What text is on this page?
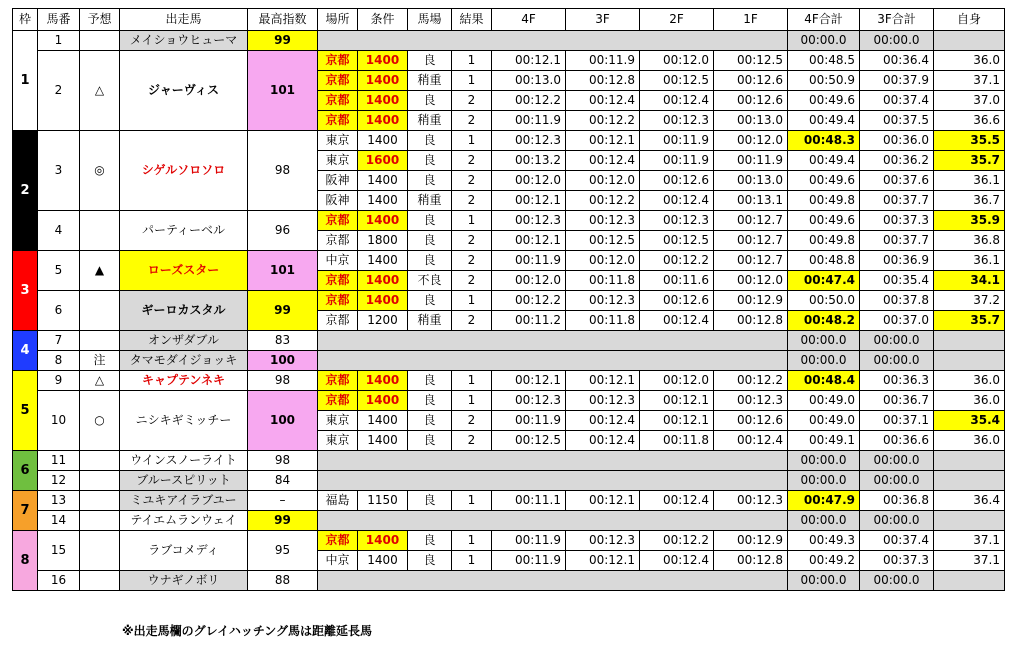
枠	馬番	予想	出走馬	最高指数	場所	条件	馬場	結果	4F	3F	2F	1F	4F合計	3F合計	自身
1	1		メイショウヒューマ	99									00:00.0	00:00.0	
	2	△	ジャーヴィス	101	京都	1400	良	1	00:12.1	00:11.9	00:12.0	00:12.5	00:48.5	00:36.4	36.0
					京都	1400	稍重	1	00:13.0	00:12.8	00:12.5	00:12.6	00:50.9	00:37.9	37.1
					京都	1400	良	2	00:12.2	00:12.4	00:12.4	00:12.6	00:49.6	00:37.4	37.0
					京都	1400	稍重	2	00:11.9	00:12.2	00:12.3	00:13.0	00:49.4	00:37.5	36.6
2	3	◎	シゲルソロソロ	98	東京	1400	良	1	00:12.3	00:12.1	00:11.9	00:12.0	00:48.3	00:36.0	35.5
					東京	1600	良	2	00:13.2	00:12.4	00:11.9	00:11.9	00:49.4	00:36.2	35.7
					阪神	1400	良	2	00:12.0	00:12.0	00:12.6	00:13.0	00:49.6	00:37.6	36.1
					阪神	1400	稍重	2	00:12.1	00:12.2	00:12.4	00:13.1	00:49.8	00:37.7	36.7
	4		パーティーベル	96	京都	1400	良	1	00:12.3	00:12.3	00:12.3	00:12.7	00:49.6	00:37.3	35.9
					京都	1800	良	2	00:12.1	00:12.5	00:12.5	00:12.7	00:49.8	00:37.7	36.8
3	5	▲	ローズスター	101	中京	1400	良	2	00:11.9	00:12.0	00:12.2	00:12.7	00:48.8	00:36.9	36.1
					京都	1400	不良	2	00:12.0	00:11.8	00:11.6	00:12.0	00:47.4	00:35.4	34.1
	6		ギーロカスタル	99	京都	1400	良	1	00:12.2	00:12.3	00:12.6	00:12.9	00:50.0	00:37.8	37.2
					京都	1200	稍重	2	00:11.2	00:11.8	00:12.4	00:12.8	00:48.2	00:37.0	35.7
4	7		オンザダブル	83									00:00.0	00:00.0	
	8	注	タマモダイジョッキ	100									00:00.0	00:00.0	
5	9	△	キャプテンネキ	98	京都	1400	良	1	00:12.1	00:12.1	00:12.0	00:12.2	00:48.4	00:36.3	36.0
	10	○	ニシキギミッチー	100	京都	1400	良	1	00:12.3	00:12.3	00:12.1	00:12.3	00:49.0	00:36.7	36.0
					東京	1400	良	2	00:11.9	00:12.4	00:12.1	00:12.6	00:49.0	00:37.1	35.4
					東京	1400	良	2	00:12.5	00:12.4	00:11.8	00:12.4	00:49.1	00:36.6	36.0
6	11		ウインスノーライト	98									00:00.0	00:00.0	
	12		ブルースピリット	84									00:00.0	00:00.0	
7	13		ミユキアイラブユー	–	福島	1150	良	1	00:11.1	00:12.1	00:12.4	00:12.3	00:47.9	00:36.8	36.4
	14		テイエムランウェイ	99									00:00.0	00:00.0	
8	15		ラブコメディ	95	京都	1400	良	1	00:11.9	00:12.3	00:12.2	00:12.9	00:49.3	00:37.4	37.1
					中京	1400	良	1	00:11.9	00:12.1	00:12.4	00:12.8	00:49.2	00:37.3	37.1
	16		ウナギノボリ	88									00:00.0	00:00.0	
※出走馬欄のグレイハッチング馬は距離延長馬
